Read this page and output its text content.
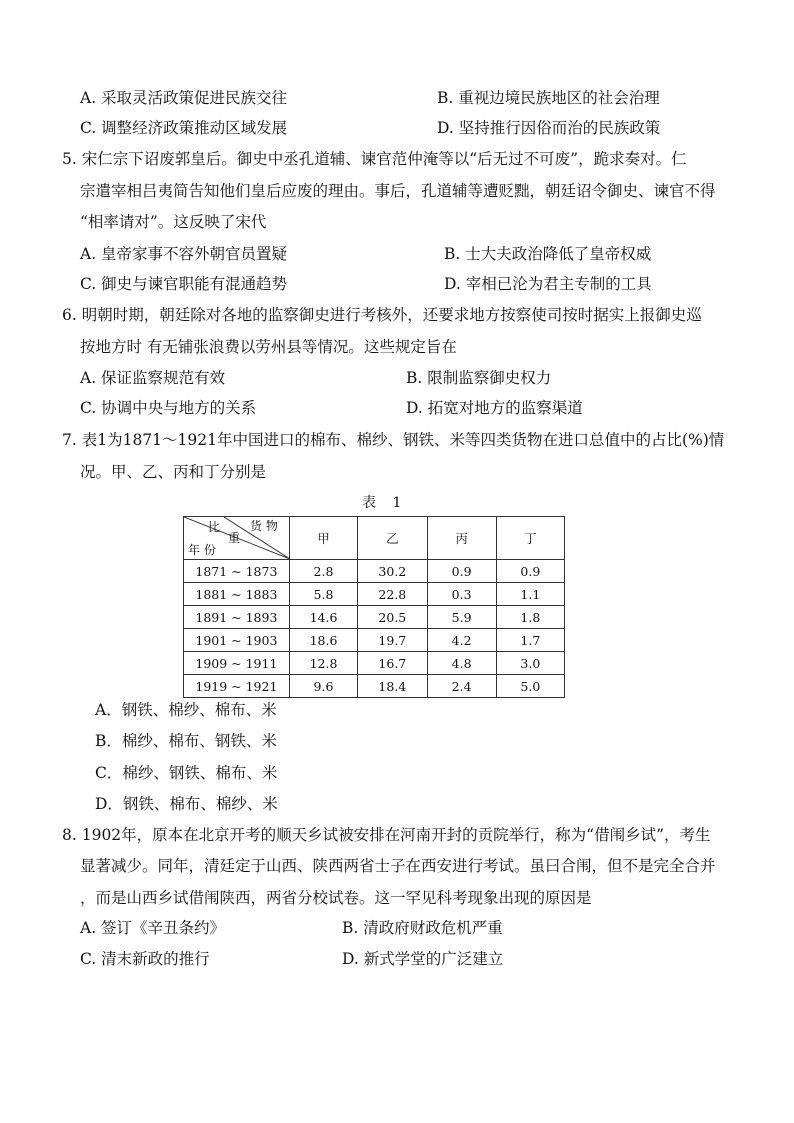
A. 采取灵活政策促进民族交往	B. 重视边境民族地区的社会治理
C. 调整经济政策推动区域发展	D. 坚持推行因俗而治的民族政策
5. 宋仁宗下诏废郭皇后。御史中丞孔道辅、谏官范仲淹等以“后无过不可废”，跪求奏对。仁
宗遣宰相吕夷简告知他们皇后应废的理由。事后，孔道辅等遭贬黜，朝廷诏令御史、谏官不得
“相率请对”。这反映了宋代
A. 皇帝家事不容外朝官员置疑	B. 士大夫政治降低了皇帝权威
C. 御史与谏官职能有混通趋势	D. 宰相已沦为君主专制的工具
6. 明朝时期，朝廷除对各地的监察御史进行考核外，还要求地方按察使司按时据实上报御史巡
按地方时 有无铺张浪费以劳州县等情况。这些规定旨在
A. 保证监察规范有效	B. 限制监察御史权力
C. 协调中央与地方的关系	D. 拓宽对地方的监察渠道
7. 表1为1871～1921年中国进口的棉布、棉纱、钢铁、米等四类货物在进口总值中的占比(%)情
况。甲、乙、丙和丁分别是
表 1
货 物
比
重
年 份	甲	乙	丙	丁
1871 ~ 1873	2.8	30.2	0.9	0.9
1881 ~ 1883	5.8	22.8	0.3	1.1
1891 ~ 1893	14.6	20.5	5.9	1.8
1901 ~ 1903	18.6	19.7	4.2	1.7
1909 ~ 1911	12.8	16.7	4.8	3.0
1919 ~ 1921	9.6	18.4	2.4	5.0
A．钢铁、棉纱、棉布、米
B．棉纱、棉布、钢铁、米
C．棉纱、钢铁、棉布、米
D．钢铁、棉布、棉纱、米
8. 1902年，原本在北京开考的顺天乡试被安排在河南开封的贡院举行，称为“借闱乡试”，考生
显著减少。同年，清廷定于山西、陕西两省士子在西安进行考试。虽曰合闱，但不是完全合并
，而是山西乡试借闱陕西，两省分校试卷。这一罕见科考现象出现的原因是
A. 签订《辛丑条约》	B. 清政府财政危机严重
C. 清末新政的推行	D. 新式学堂的广泛建立
